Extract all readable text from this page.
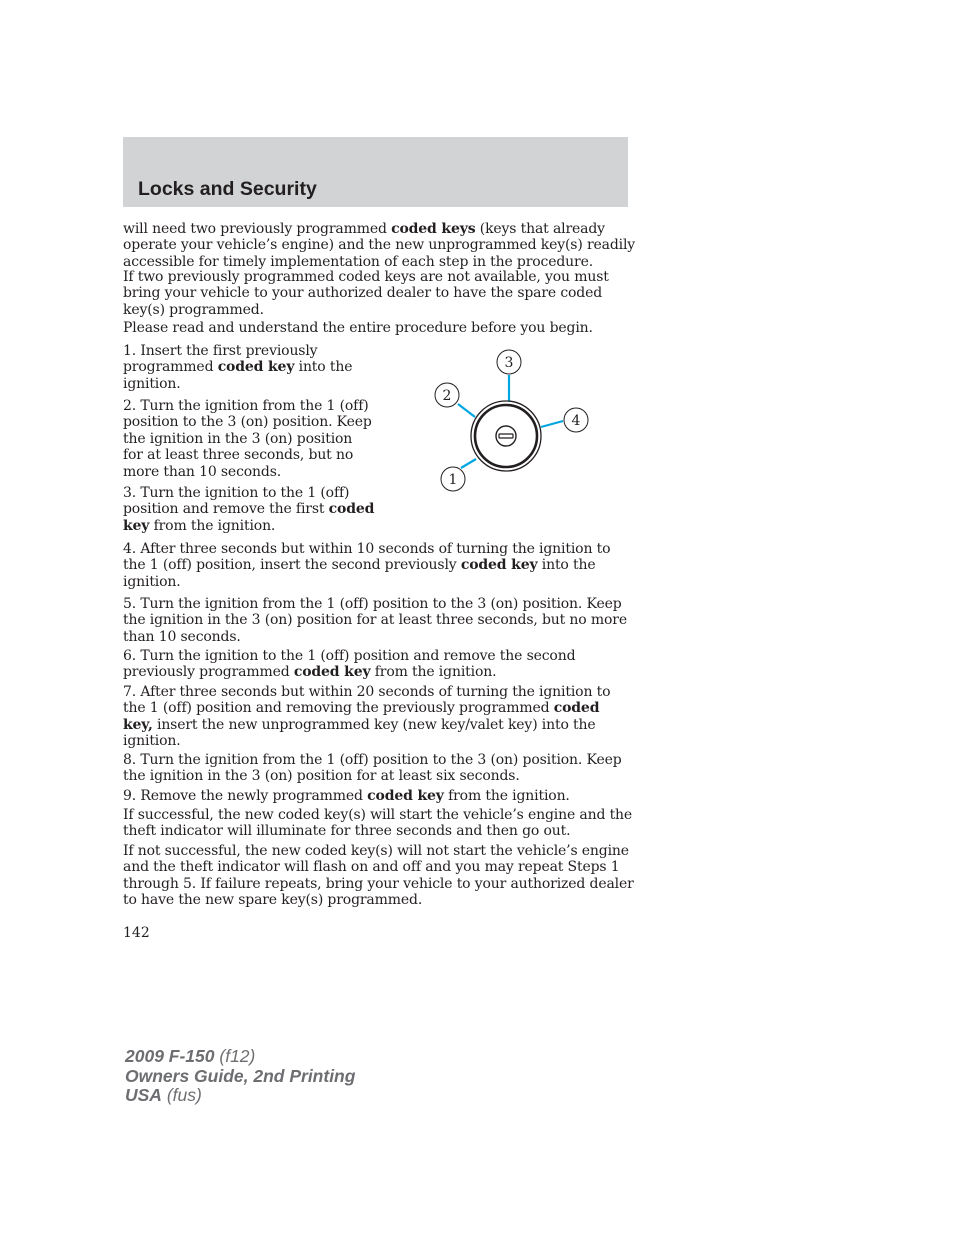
Locks and Security

will need two previously programmed coded keys (keys that already
operate your vehicle’s engine) and the new unprogrammed key(s) readily
accessible for timely implementation of each step in the procedure.

If two previously programmed coded keys are not available, you must
bring your vehicle to your authorized dealer to have the spare coded
key(s) programmed.

Please read and understand the entire procedure before you begin.

1. Insert the first previously
programmed coded key into the
ignition.

2. Turn the ignition from the 1 (off)
position to the 3 (on) position. Keep
the ignition in the 3 (on) position
for at least three seconds, but no
more than 10 seconds.

3. Turn the ignition to the 1 (off)
position and remove the first coded
key from the ignition.

3
2
4
1

4. After three seconds but within 10 seconds of turning the ignition to
the 1 (off) position, insert the second previously coded key into the
ignition.

5. Turn the ignition from the 1 (off) position to the 3 (on) position. Keep
the ignition in the 3 (on) position for at least three seconds, but no more
than 10 seconds.

6. Turn the ignition to the 1 (off) position and remove the second
previously programmed coded key from the ignition.

7. After three seconds but within 20 seconds of turning the ignition to
the 1 (off) position and removing the previously programmed coded
key, insert the new unprogrammed key (new key/valet key) into the
ignition.

8. Turn the ignition from the 1 (off) position to the 3 (on) position. Keep
the ignition in the 3 (on) position for at least six seconds.

9. Remove the newly programmed coded key from the ignition.

If successful, the new coded key(s) will start the vehicle’s engine and the
theft indicator will illuminate for three seconds and then go out.

If not successful, the new coded key(s) will not start the vehicle’s engine
and the theft indicator will flash on and off and you may repeat Steps 1
through 5. If failure repeats, bring your vehicle to your authorized dealer
to have the new spare key(s) programmed.

142

2009 F-150 (f12)
Owners Guide, 2nd Printing
USA (fus)
